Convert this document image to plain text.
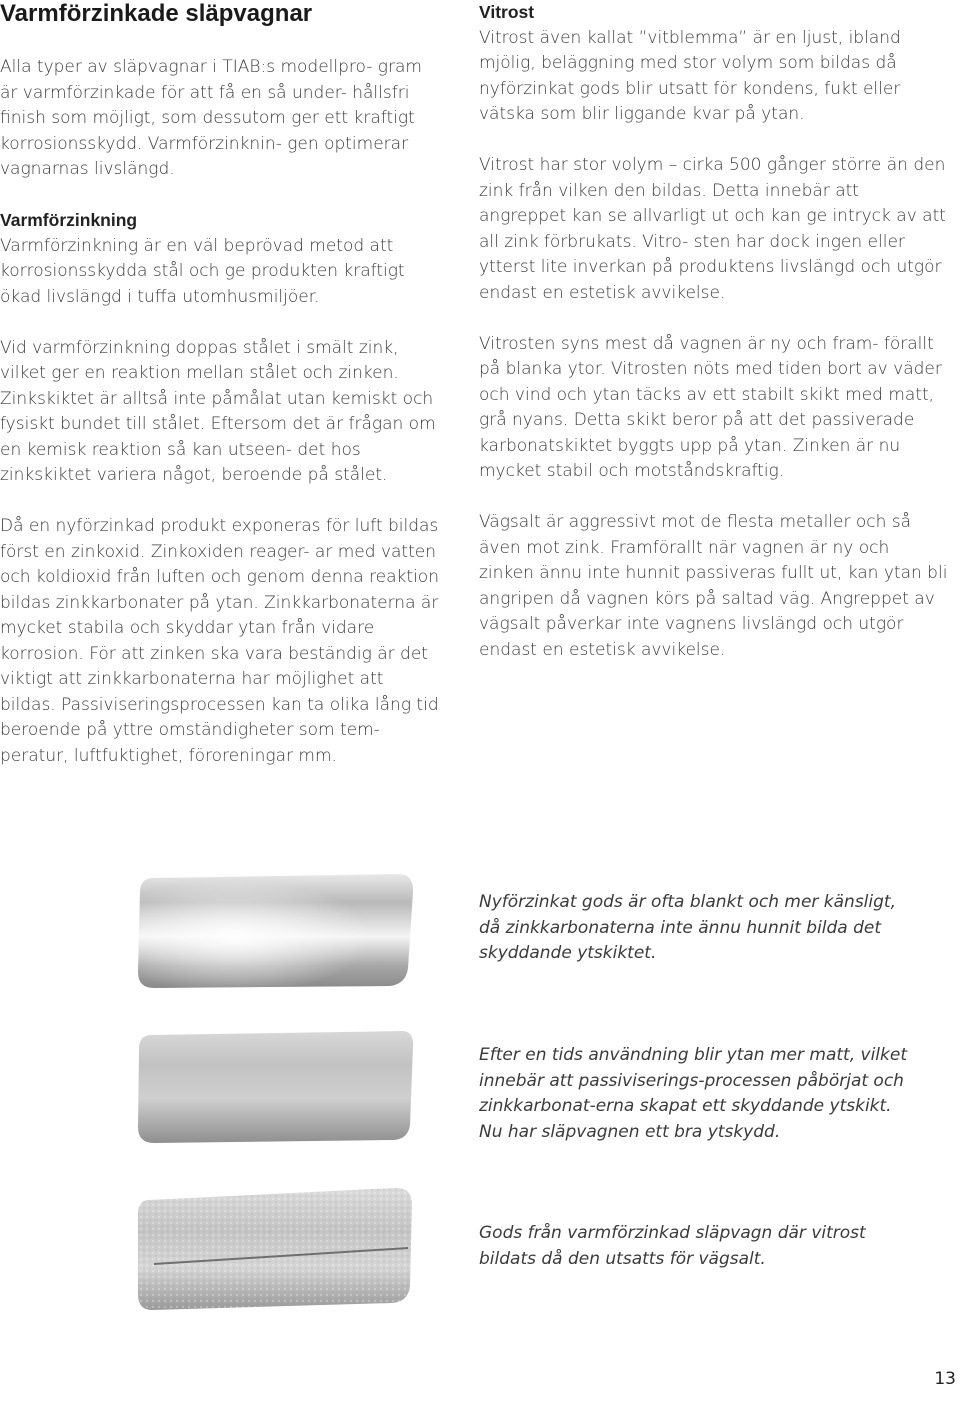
Varmförzinkade släpvagnar

Alla typer av släpvagnar i TIAB:s modellpro- gram är varmförzinkade för att få en så under- hållsfri finish som möjligt, som dessutom ger ett kraftigt korrosionsskydd. Varmförzinknin- gen optimerar vagnarnas livslängd.

Varmförzinkning

Varmförzinkning är en väl beprövad metod att korrosionsskydda stål och ge produkten kraftigt ökad livslängd i tuffa utomhusmiljöer.

Vid varmförzinkning doppas stålet i smält zink, vilket ger en reaktion mellan stålet och zinken. Zinkskiktet är alltså inte påmålat utan kemiskt och fysiskt bundet till stålet. Eftersom det är frågan om en kemisk reaktion så kan utseen- det hos zinkskiktet variera något, beroende på stålet.

Då en nyförzinkad produkt exponeras för luft bildas först en zinkoxid. Zinkoxiden reager- ar med vatten och koldioxid från luften och genom denna reaktion bildas zinkkarbonater på ytan. Zinkkarbonaterna är mycket stabila och skyddar ytan från vidare korrosion. För att zinken ska vara beständig är det viktigt att zinkkarbonaterna har möjlighet att bildas. Passiviseringsprocessen kan ta olika lång tid beroende på yttre omständigheter som tem- peratur, luftfuktighet, föroreningar mm.

Vitrost

Vitrost även kallat ”vitblemma” är en ljust, ibland mjölig, beläggning med stor volym som bildas då nyförzinkat gods blir utsatt för kondens, fukt eller vätska som blir liggande kvar på ytan.

Vitrost har stor volym – cirka 500 gånger större än den zink från vilken den bildas. Detta innebär att angreppet kan se allvarligt ut och kan ge intryck av att all zink förbrukats. Vitro- sten har dock ingen eller ytterst lite inverkan på produktens livslängd och utgör endast en estetisk avvikelse.

Vitrosten syns mest då vagnen är ny och fram- förallt på blanka ytor. Vitrosten nöts med tiden bort av väder och vind och ytan täcks av ett stabilt skikt med matt, grå nyans. Detta skikt beror på att det passiverade karbonatskiktet byggts upp på ytan. Zinken är nu mycket stabil och motståndskraftig.

Vägsalt är aggressivt mot de flesta metaller och så även mot zink. Framförallt när vagnen är ny och zinken ännu inte hunnit passiveras fullt ut, kan ytan bli angripen då vagnen körs på saltad väg. Angreppet av vägsalt påverkar inte vagnens livslängd och utgör endast en estetisk avvikelse.

Nyförzinkat gods är ofta blankt och mer känsligt, då zinkkarbonaterna inte ännu hunnit bilda det skyddande ytskiktet.

Efter en tids användning blir ytan mer matt, vilket innebär att passiviserings-processen påbörjat och zinkkarbonat-erna skapat ett skyddande ytskikt. Nu har släpvagnen ett bra ytskydd.

Gods från varmförzinkad släpvagn där vitrost bildats då den utsatts för vägsalt.

13
